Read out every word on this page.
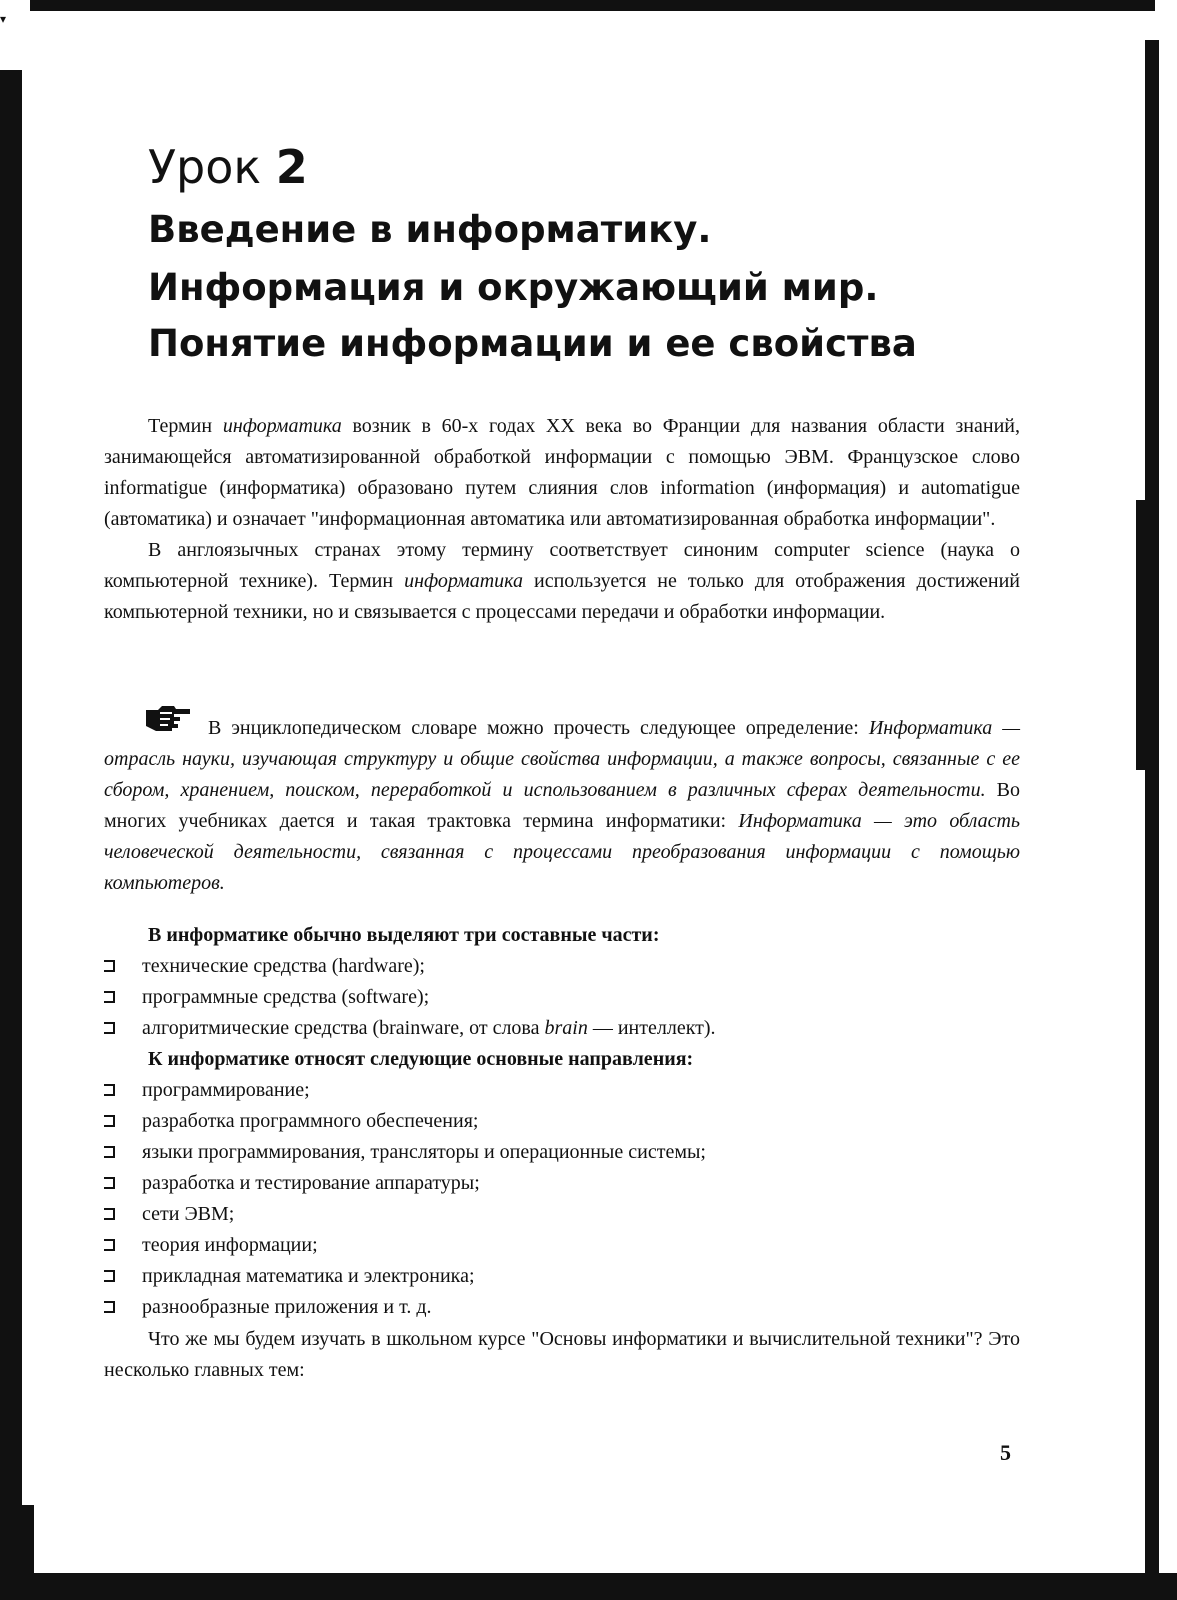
▾
Урок 2
Введение в информатику.
Информация и окружающий мир.
Понятие информации и ее свойства

Термин информатика возник в 60-х годах XX века во Франции для названия области знаний, занимающейся автоматизированной обработкой информации с помощью ЭВМ. Французское слово informatigue (информатика) образовано путем слияния слов information (информация) и automatigue (автоматика) и означает "информационная автоматика или автоматизированная обработка информации".

В англоязычных странах этому термину соответствует синоним computer science (наука о компьютерной технике). Термин информатика используется не только для отображения достижений компьютерной техники, но и связывается с процессами передачи и обработки информации.

В энциклопедическом словаре можно прочесть следующее определение: Информатика — отрасль науки, изучающая структуру и общие свойства информации, а также вопросы, связанные с ее сбором, хранением, поиском, переработкой и использованием в различных сферах деятельности. Во многих учебниках дается и такая трактовка термина информатики: Информатика — это область человеческой деятельности, связанная с процессами преобразования информации с помощью компьютеров.

В информатике обычно выделяют три составные части:

технические средства (hardware);
программные средства (software);
алгоритмические средства (brainware, от слова brain — интеллект).

К информатике относят следующие основные направления:

программирование;
разработка программного обеспечения;
языки программирования, трансляторы и операционные системы;
разработка и тестирование аппаратуры;
сети ЭВМ;
теория информации;
прикладная математика и электроника;
разнообразные приложения и т. д.

Что же мы будем изучать в школьном курсе "Основы информатики и вычислительной техники"? Это несколько главных тем:

5
